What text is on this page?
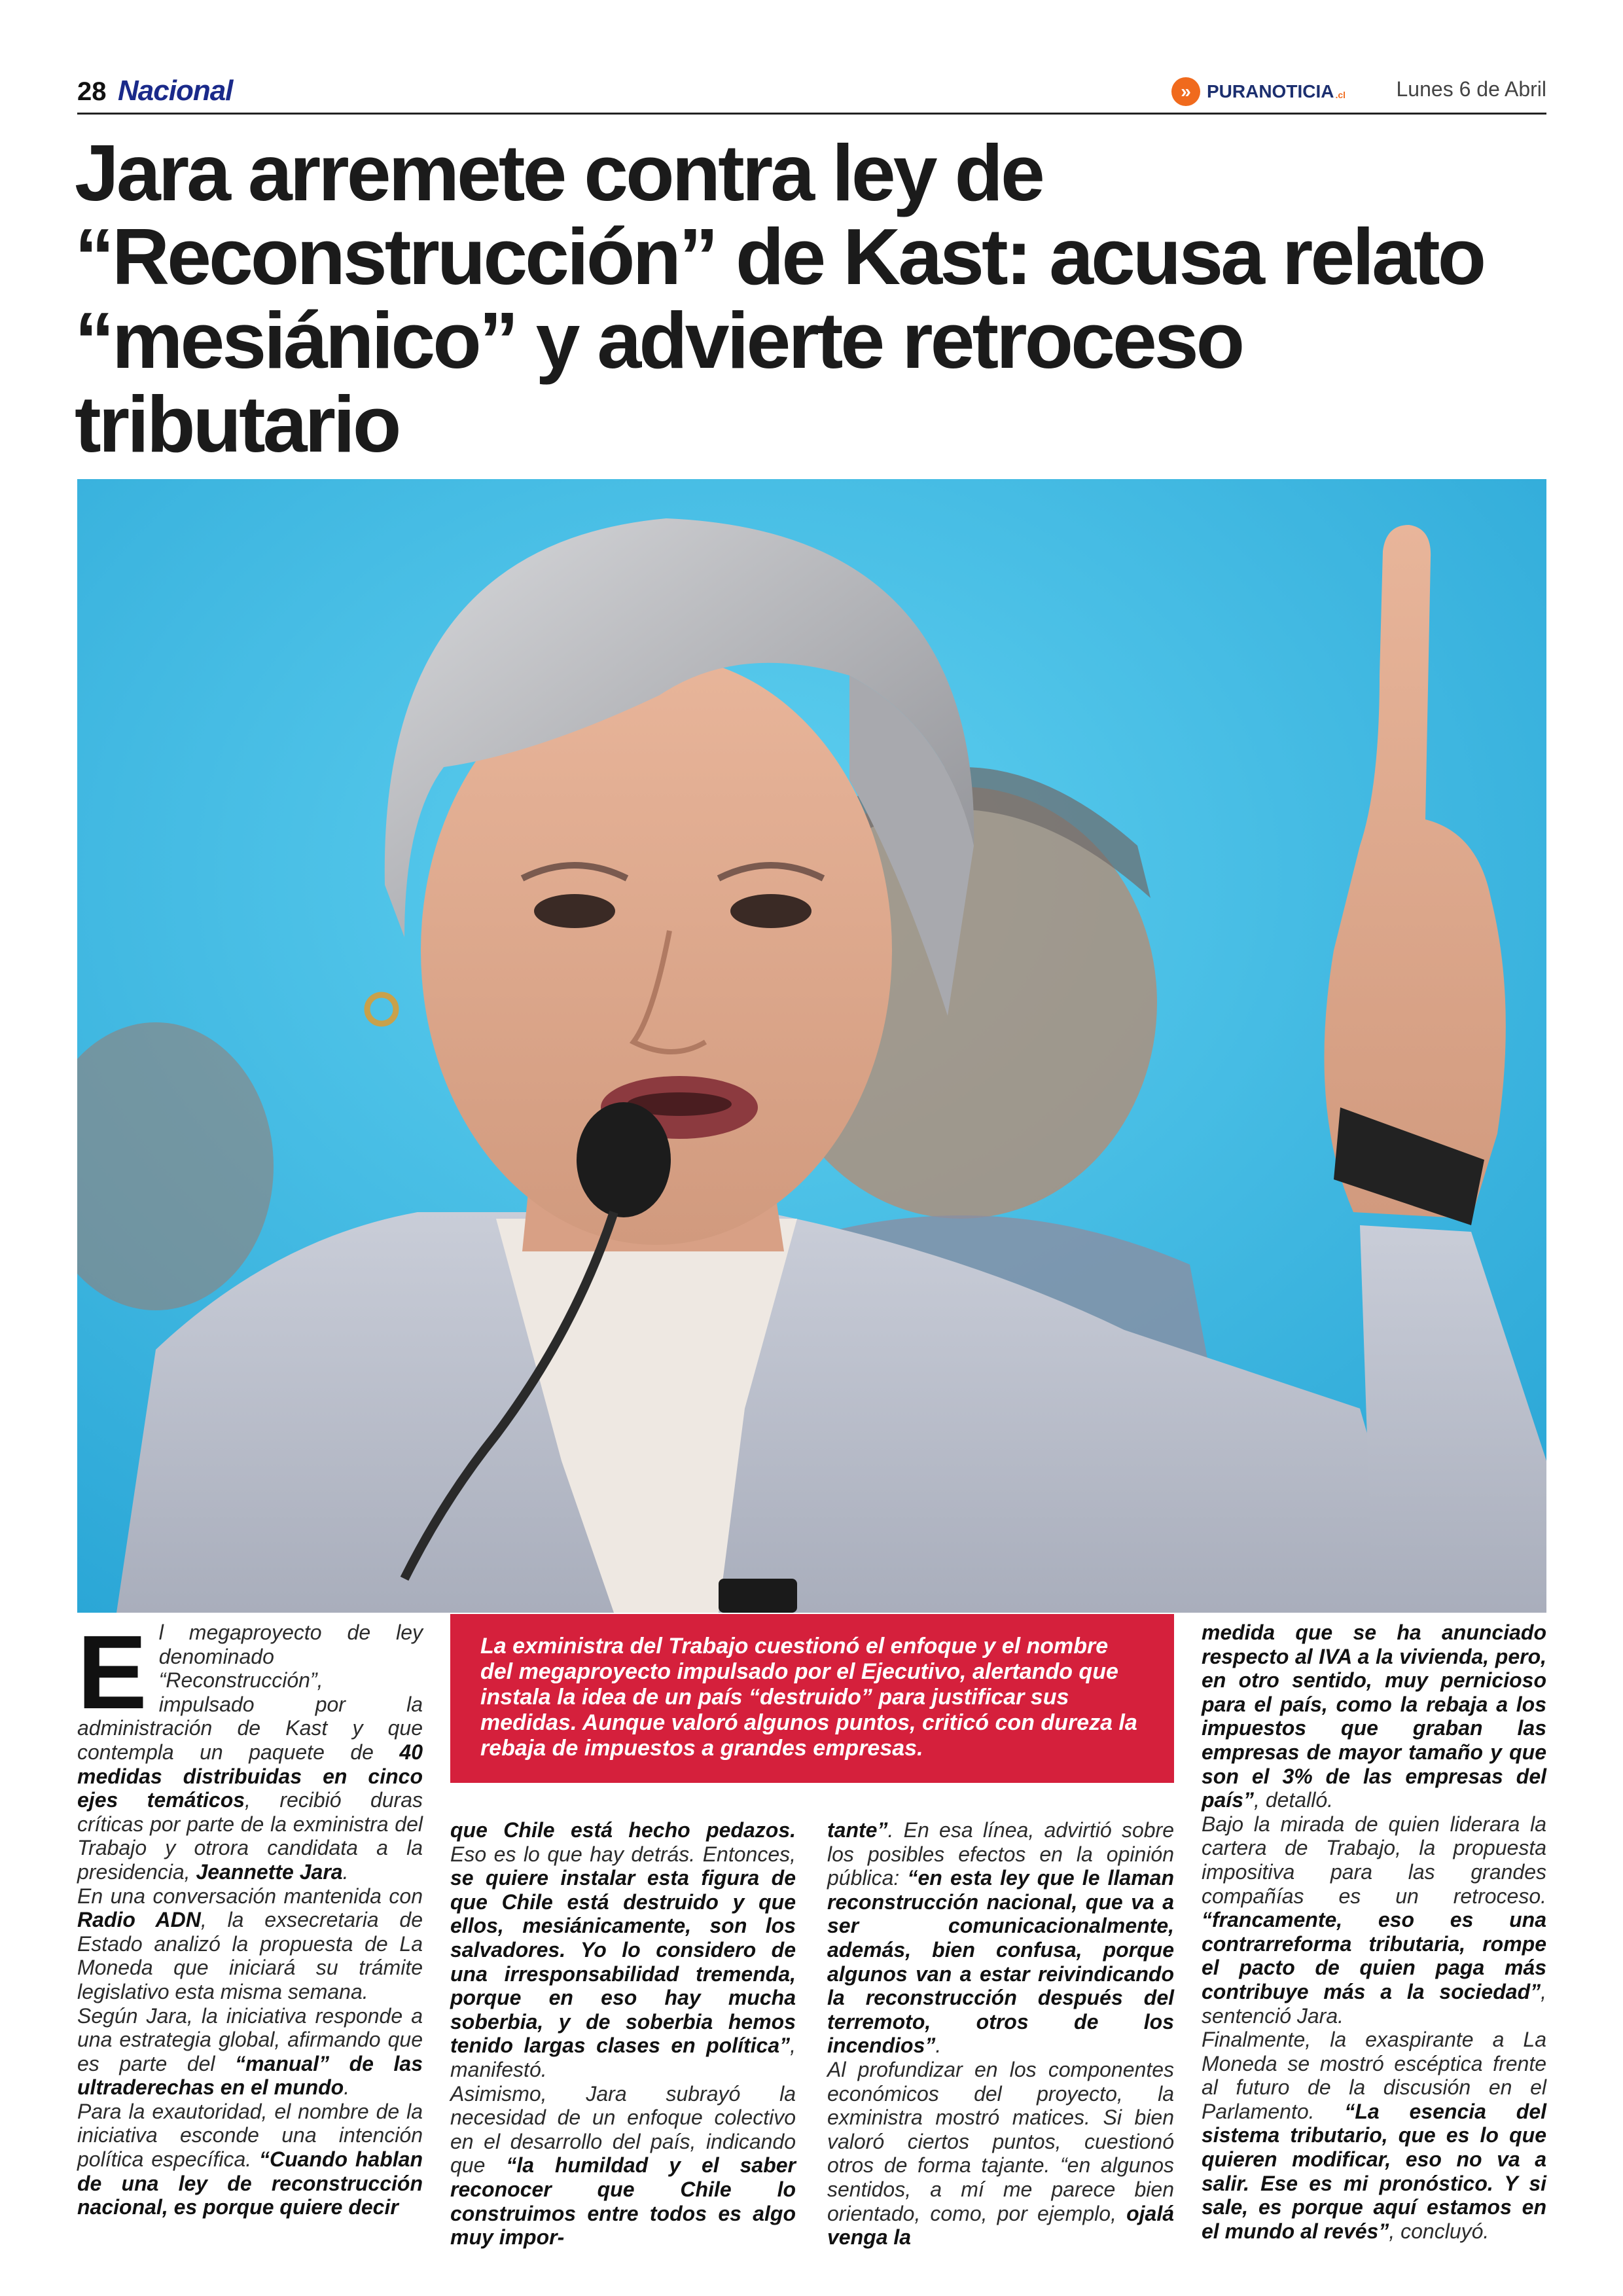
28 Nacional	»	PURANOTICIA .cl Lunes 6 de Abril
Jara arremete contra ley de “Reconstrucción” de Kast: acusa relato “mesiánico” y advierte retroceso tributario
E l megaproyecto de ley denominado “Reconstrucción”, impulsado por la administración de Kast y que contempla un paquete de 40 medidas distribuidas en cinco ejes temáticos, recibió duras críticas por parte de la exministra del Trabajo y otrora candidata a la presidencia, Jeannette Jara.

En una conversación mantenida con Radio ADN, la exsecretaria de Estado analizó la propuesta de La Moneda que iniciará su trámite legislativo esta misma semana.

Según Jara, la iniciativa responde a una estrategia global, afirmando que es parte del “manual” de las ultraderechas en el mundo.

Para la exautoridad, el nombre de la iniciativa esconde una intención política específica. “Cuando hablan de una ley de reconstrucción nacional, es porque quiere decir

La exministra del Trabajo cuestionó el enfoque y el nombre del megaproyecto impulsado por el Ejecutivo, alertando que instala la idea de un país “destruido” para justificar sus medidas. Aunque valoró algunos puntos, criticó con dureza la rebaja de impuestos a grandes empresas.

que Chile está hecho pedazos. Eso es lo que hay detrás. Entonces, se quiere instalar esta figura de que Chile está destruido y que ellos, mesiánicamente, son los salvadores. Yo lo considero de una irresponsabilidad tremenda, porque en eso hay mucha soberbia, y de soberbia hemos tenido largas clases en política”, manifestó.

Asimismo, Jara subrayó la necesidad de un enfoque colectivo en el desarrollo del país, indicando que “la humildad y el saber reconocer que Chile lo construimos entre todos es algo muy impor-

tante”. En esa línea, advirtió sobre los posibles efectos en la opinión pública: “en esta ley que le llaman reconstrucción nacional, que va a ser comunicacionalmente, además, bien confusa, porque algunos van a estar reivindicando la reconstrucción después del terremoto, otros de los incendios”.

Al profundizar en los componentes económicos del proyecto, la exministra mostró matices. Si bien valoró ciertos puntos, cuestionó otros de forma tajante. “en algunos sentidos, a mí me parece bien orientado, como, por ejemplo, ojalá venga la

medida que se ha anunciado respecto al IVA a la vivienda, pero, en otro sentido, muy pernicioso para el país, como la rebaja a los impuestos que graban las empresas de mayor tamaño y que son el 3% de las empresas del país”, detalló.

Bajo la mirada de quien liderara la cartera de Trabajo, la propuesta impositiva para las grandes compañías es un retroceso. “francamente, eso es una contrarreforma tributaria, rompe el pacto de quien paga más contribuye más a la sociedad”, sentenció Jara.

Finalmente, la exaspirante a La Moneda se mostró escéptica frente al futuro de la discusión en el Parlamento. “La esencia del sistema tributario, que es lo que quieren modificar, eso no va a salir. Ese es mi pronóstico. Y si sale, es porque aquí estamos en el mundo al revés”, concluyó.
